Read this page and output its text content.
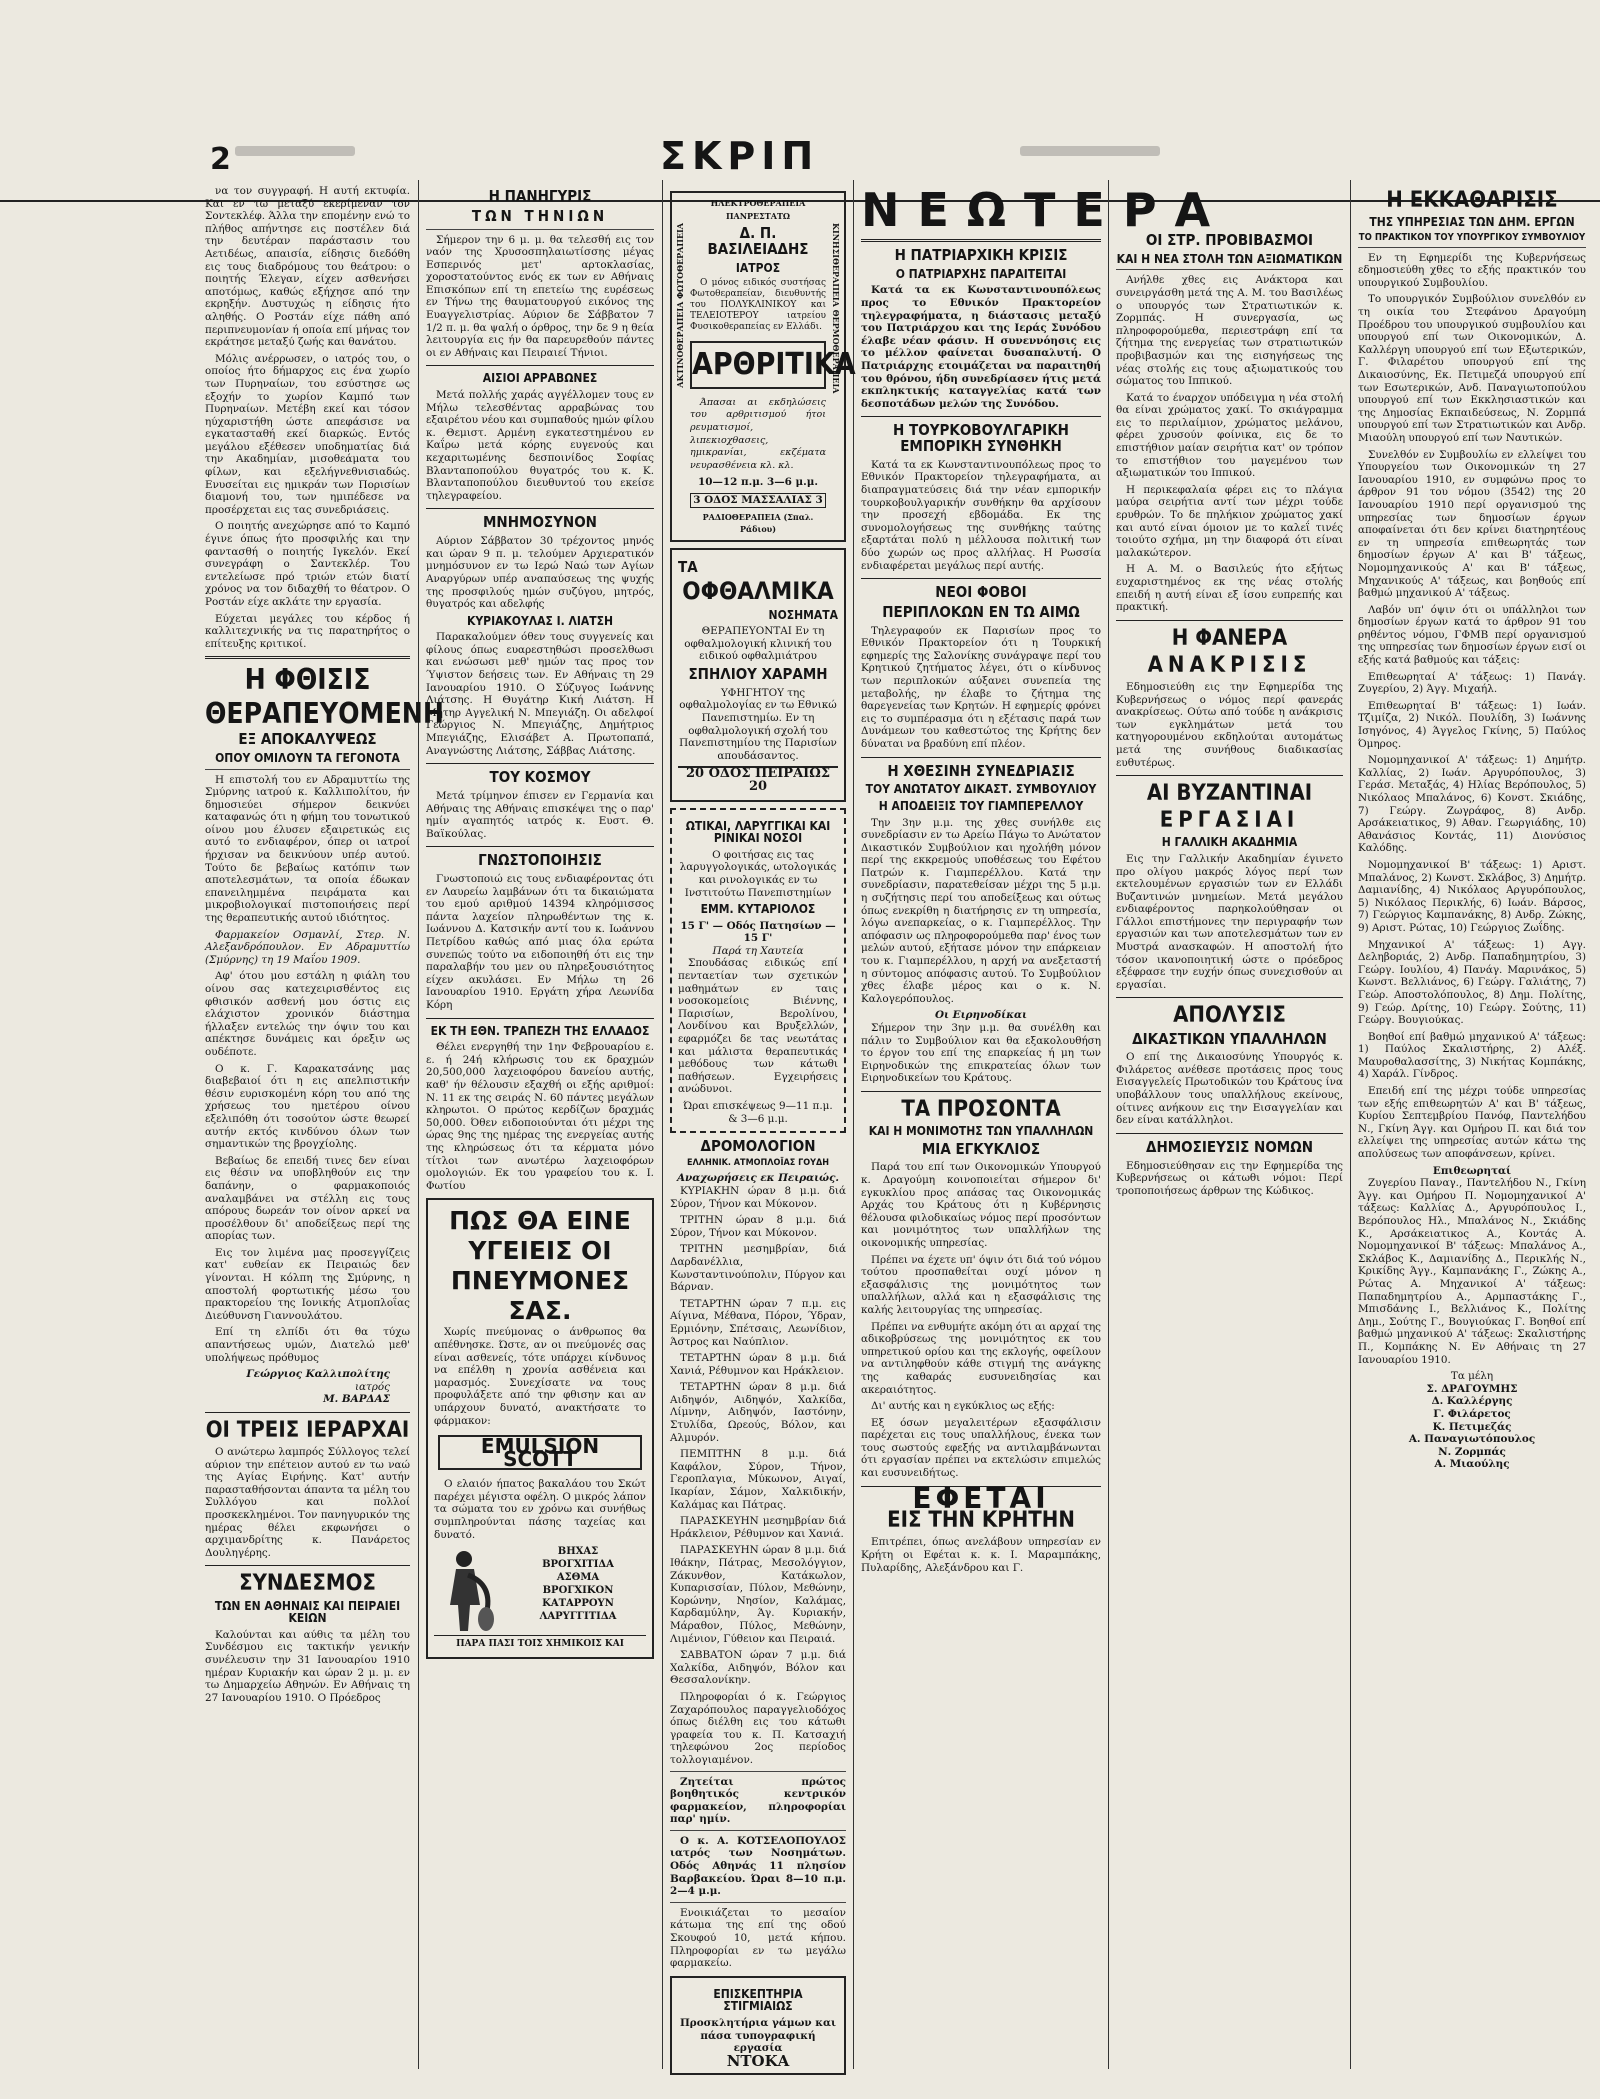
2	ΣΚΡΙΠ

να τον συγγραφή. Η αυτή εκτυφία. Και εν τω μεταξύ εκερίμεναν τον Σοντεκλέφ. Άλλα την επομένην ενώ το πλήθος απήντησε εις ποστέλεν διά την δευτέραν παράστασιν του Αετιδέως, απαισία, είδησις διεδόθη εις τους διαδρόμους του θεάτρου: ο ποιητής Έλεγαν, είχεν ασθενήσει αποτόμως, καθώς εξήχησε από την εκρηξήν. Δυστυχώς η είδησις ήτο αληθής. Ο Ροστάν είχε πάθη από περιπνευμονίαν ή οποία επί μήνας τον εκράτησε μεταξύ ζωής και θανάτου.

Μόλις ανέρρωσεν, ο ιατρός του, ο οποίος ήτο δήμαρχος εις ένα χωρίο των Πυρηναίων, του εσύστησε ως εξοχήν το χωρίον Καμπό των Πυρηναίων. Μετέβη εκεί και τόσον ηύχαριστήθη ώστε απεφάσισε να εγκατασταθή εκεί διαρκώς. Εντός μεγάλου εξέθεσεν υποδηματίας διά την Ακαδημίαν, μισοθεάματα του φίλων, και εξελήγνεθνισιαδώς. Ενυσείται εις ημικράν των Πορισίων διαμονή του, των ημιπέδεσε να προσέρχεται εις τας συνεδριάσεις.

Ο ποιητής ανεχώρησε από το Καμπό έγινε όπως ήτο προσφιλής και την φαντασθή ο ποιητής Ιγκελόν. Εκεί συνεγράφη ο Σαντεκλέρ. Του εντελείωσε πρό τριών ετών διατί χρόνος να τον διδαχθή το θέατρον. Ο Ροστάν είχε ακλάτε την εργασία.

Εύχεται μεγάλες του κέρδος ή καλλιτεχνικής να τις παρατηρήτος ο επίτευξης κριτικοί.

Η ΦΘΙΣΙΣ
ΘΕΡΑΠΕΥΟΜΕΝΗ
ΕΞ ΑΠΟΚΑΛΥΨΕΩΣ
ΟΠΟΥ ΟΜΙΛΟΥΝ ΤΑ ΓΕΓΟΝΟΤΑ

Η επιστολή του εν Αδραμυττίω της Σμύρνης ιατρού κ. Καλλιπολίτου, ήν δημοσιεύει σήμερον δεικνύει καταφανώς ότι η φήμη του τονωτικού οίνου μου έλυσεν εξαιρετικώς εις αυτό το ενδιαφέρον, όπερ οι ιατροί ήρχισαν να δεικνύουν υπέρ αυτού. Τούτο δε βεβαίως κατόπιν των αποτελεσμάτων, τα οποία έδωκαν επανειλημμένα πειράματα και μικροβιολογικαί πιστοποιήσεις περί της θεραπευτικής αυτού ιδιότητος.

Φαρμακείον Οσμανλί, Στερ. Ν. Αλεξανδρόπουλον. Εν Αδραμυττίω (Σμύρνης) τη 19 Μαΐου 1909.

Αφ' ότου μου εστάλη η φιάλη του οίνου σας κατεχειρισθέντος εις φθισικόν ασθενή μου όστις εις ελάχιστον χρονικόν διάστημα ήλλαξεν εντελώς την όψιν του και απέκτησε δυνάμεις και όρεξιν ως ουδέποτε.

Ο κ. Γ. Καρακατσάνης μας διαβεβαιοί ότι η εις απελπιστικήν θέσιν ευρισκομένη κόρη του από της χρήσεως του ημετέρου οίνου εξελιπόθη ότι τοσούτον ώστε θεωρεί αυτήν εκτός κινδύνου όλων των σημαντικών της βρογχίολης.

Βεβαίως δε επειδή τινες δεν είναι εις θέσιν να υποβληθούν εις την δαπάνην, ο φαρμακοποιός αναλαμβάνει να στέλλη εις τους απόρους δωρεάν τον οίνον αρκεί να προσέλθουν δι' αποδείξεως περί της απορίας των.

Εις τον λιμένα μας προσεγγίζεις κατ' ευθείαν εκ Πειραιώς δεν γίνονται. Η κόλπη της Σμύρνης, η αποστολή φορτωτικής μέσω του πρακτορείου της Ιονικής Ατμοπλοΐας Διεύθυνση Γιαννουλάτου.

Επί τη ελπίδι ότι θα τύχω απαντήσεως υμών, Διατελώ μεθ' υπολήψεως πρόθυμος

Γεώργιος Καλλιπολίτης
ιατρός
Μ. ΒΑΡΔΑΣ
ΟΙ ΤΡΕΙΣ ΙΕΡΑΡΧΑΙ

Ο ανώτερω λαμπρός Σύλλογος τελεί αύριον την επέτειον αυτού εν τω ναώ της Αγίας Ειρήνης. Κατ' αυτήν παρασταθήσονται άπαντα τα μέλη του Συλλόγου και πολλοί προσκεκλημένοι. Τον πανηγυρικόν της ημέρας θέλει εκφωνήσει ο αρχιμανδρίτης κ. Πανάρετος Δουληγέρης.

ΣΥΝΔΕΣΜΟΣ
ΤΩΝ ΕΝ ΑΘΗΝΑΙΣ ΚΑΙ ΠΕΙΡΑΙΕΙ ΚΕΙΩΝ

Καλούνται και αύθις τα μέλη του Συνδέσμου εις τακτικήν γενικήν συνέλευσιν την 31 Ιανουαρίου 1910 ημέραν Κυριακήν και ώραν 2 μ. μ. εν τω Δημαρχείω Αθηνών. Εν Αθήναις τη 27 Ιανουαρίου 1910. Ο Πρόεδρος

Η ΠΑΝΗΓΥΡΙΣ
ΤΩΝ ΤΗΝΙΩΝ

Σήμερον την 6 μ. μ. θα τελεσθή εις τον ναόν της Χρυσοσπηλαιωτίσσης μέγας Εσπερινός μετ' αρτοκλασίας, χοροστατούντος ενός εκ των εν Αθήναις Επισκόπων επί τη επετείω της ευρέσεως εν Τήνω της θαυματουργού εικόνος της Ευαγγελιστρίας. Αύριον δε Σάββατον 7 1/2 π. μ. θα ψαλή ο όρθρος, την δε 9 η θεία λειτουργία εις ήν θα παρευρεθούν πάντες οι εν Αθήναις και Πειραιεί Τήνιοι.

ΑΙΣΙΟΙ ΑΡΡΑΒΩΝΕΣ

Μετά πολλής χαράς αγγέλλομεν τους εν Μήλω τελεσθέντας αρραβώνας του εξαιρέτου νέου και συμπαθούς ημών φίλου κ. Θεμιστ. Αρμένη εγκατεστημένου εν Καΐρω μετά κόρης ευγενούς και κεχαριτωμένης δεσποινίδος Σοφίας Βλανταποπούλου θυγατρός του κ. Κ. Βλανταποπούλου διευθυντού του εκείσε τηλεγραφείου.

ΜΝΗΜΟΣΥΝΟΝ

Αύριον Σάββατον 30 τρέχοντος μηνός και ώραν 9 π. μ. τελούμεν Αρχιερατικόν μνημόσυνον εν τω Ιερώ Ναώ των Αγίων Αναργύρων υπέρ αναπαύσεως της ψυχής της προσφιλούς ημών συζύγου, μητρός, θυγατρός και αδελφής

ΚΥΡΙΑΚΟΥΛΑΣ Ι. ΛΙΑΤΣΗ

Παρακαλούμεν όθεν τους συγγενείς και φίλους όπως ευαρεστηθώσι προσελθωσι και ενώσωσι μεθ' ημών τας προς τον Ύψιστον δεήσεις των. Εν Αθήναις τη 29 Ιανουαρίου 1910. Ο Σύζυγος Ιωάννης Λιάτσης. Η Θυγάτηρ Κική Λιάτση. Η Μήτηρ Αγγελική Ν. Μπεγιάζη. Οι αδελφοί Γεώργιος Ν. Μπεγιάζης, Δημήτριος Μπεγιάζης, Ελισάβετ Α. Πρωτοπαπά, Αναγνώστης Λιάτσης, Σάββας Λιάτσης.

ΤΟΥ ΚΟΣΜΟΥ

Μετά τρίμηνον έπισεν εν Γερμανία και Αθήναις της Αθήναις επισκέψει της ο παρ' ημίν αγαπητός ιατρός κ. Ευστ. Θ. Βαϊκούλας.

ΓΝΩΣΤΟΠΟΙΗΣΙΣ

Γνωστοποιώ εις τους ενδιαφέροντας ότι εν Λαυρείω λαμβάνων ότι τα δικαιώματα του εμού αριθμού 14394 κληρόμισσος πάντα λαχείον πληρωθέντων της κ. Ιωάννου Δ. Κατσικήν αντί του κ. Ιωάννου Πετρίδου καθώς από μιας όλα ερώτα συνεπώς τούτο να ειδοποιηθή ότι εις την παραλαβήν του μεν ου πληρεξουσιότητος είχεν ακυλάσει. Εν Μήλω τη 26 Ιανουαρίου 1910. Εργάτη χήρα Λεωνίδα Κόρη

ΕΚ ΤΗ ΕΘΝ. ΤΡΑΠΕΖΗ ΤΗΣ ΕΛΛΑΔΟΣ

Θέλει ενεργηθή την 1ην Φεβρουαρίου ε. ε. ή 24ή κλήρωσις του εκ δραχμών 20,500,000 λαχειοφόρου δανείου αυτής, καθ' ήν θέλουσιν εξαχθή οι εξής αριθμοί: Ν. 11 εκ της σειράς Ν. 60 πάντες μεγάλων κληρωτοι. Ο πρώτος κερδίζων δραχμάς 50,000. Όθεν ειδοποιούνται ότι μέχρι της ώρας 9ης της ημέρας της ενεργείας αυτής της κληρώσεως ότι τα κέρματα μόνο τίτλοι των ανωτέρω λαχειοφόρων ομολογιών. Εκ του γραφείου του κ. Ι. Φωτίου

ΠΩΣ ΘΑ ΕΙΝΕ ΥΓΕΙΕΙΣ ΟΙ ΠΝΕΥΜΟΝΕΣ ΣΑΣ.

Χωρίς πνεύμονας ο άνθρωπος θα απέθνησκε. Ώστε, αν οι πνεύμονές σας είναι ασθενείς, τότε υπάρχει κίνδυνος να επέλθη η χρονία ασθένεια και μαρασμός. Συνεχίσατε να τους προφυλάξετε από την φθισην και αν υπάρχουν δυνατό, ανακτήσατε το φάρμακον:

EMULSION SCOTT

Ο ελαιόν ήπατος βακαλάου του Σκώτ παρέχει μέγιστα οφέλη. Ο μικρός λάπον τα σώματα του εν χρόνω και συνήθως συμπληρούνται πάσης ταχείας και δυνατό.

ΒΗΧΑΣ
ΒΡΟΓΧΙΤΙΔΑ
ΑΣΘΜΑ
ΒΡΟΓΧΙΚΟΝ ΚΑΤΑΡΡΟΥΝ
ΛΑΡΥΓΓΙΤΙΔΑ
ΠΑΡΑ ΠΑΣΙ ΤΟΙΣ ΧΗΜΙΚΟΙΣ ΚΑΙ
ΗΛΕΚΤΡΟΘΕΡΑΠΕΙΑ ΠΑΝΡΕΣΤΑΤΩ
ΑΚΤΙΝΟΘΕΡΑΠΕΙΑ ΦΩΤΟΘΕΡΑΠΕΙΑ	ΚΙΝΗΣΙΘΕΡΑΠΕΙΑ ΘΕΡΜΟΘΕΡΑΠΕΙΑ
Δ. Π. ΒΑΣΙΛΕΙΑΔΗΣ
ΙΑΤΡΟΣ

Ο μόνος ειδικός συστήσας Φωτοθεραπείαν, διευθυντής του ΠΟΛΥΚΛΙΝΙΚΟΥ και ΤΕΛΕΙΟΤΕΡΟΥ ιατρείου Φυσικοθεραπείας εν Ελλάδι.

ΑΡΘΡΙΤΙΚΑ

Άπασαι αι εκδηλώσεις του αρθριτισμού ήτοι ρευματισμοί, λιπεκιοχθασεις, ημικρανίαι, εκζέματα νευρασθένεια κλ. κλ.

10—12 π.μ. 3—6 μ.μ.
3 ΟΔΟΣ ΜΑΣΣΑΛΙΑΣ 3
ΡΑΔΙΟΘΕΡΑΠΕΙΑ (Σπαλ. Ράδιου)
ΤΑ
ΟΦΘΑΛΜΙΚΑ
ΝΟΣΗΜΑΤΑ

ΘΕΡΑΠΕΥΟΝΤΑΙ Εν τη οφθαλμολογική κλινική του ειδικού οφθαλμιάτρου

ΣΠΗΛΙΟΥ ΧΑΡΑΜΗ

ΥΦΗΓΗΤΟΥ της οφθαλμολογίας εν τω Εθνικώ Πανεπιστημίω. Εν τη οφθαλμολογική σχολή του Πανεπιστημίου της Παρισίων απουδάσαντος.

20 ΟΔΟΣ ΠΕΙΡΑΙΩΣ 20
ΩΤΙΚΑΙ, ΛΑΡΥΓΓΙΚΑΙ ΚΑΙ ΡΙΝΙΚΑΙ ΝΟΣΟΙ

Ο φοιτήσας εις τας λαρυγγολογικάς, ωτολογικάς και ρινολογικάς εν τω Ινστιτούτω Πανεπιστημίων

ΕΜΜ. ΚΥΤΑΡΙΟΛΟΣ
15 Γ' — Οδός Πατησίων — 15 Γ'
Παρά τη Χαυτεία

Σπουδάσας ειδικώς επί πενταετίαν των σχετικών μαθημάτων εν ταις νοσοκομείοις Βιέννης, Παρισίων, Βερολίνου, Λονδίνου και Βρυξελλών, εφαρμόζει δε τας νεωτάτας και μάλιστα θεραπευτικάς μεθόδους των κάτωθι παθήσεων. Εγχειρήσεις ανώδυνοι.

Ώραι επισκέψεως 9—11 π.μ. & 3—6 μ.μ.
ΔΡΟΜΟΛΟΓΙΟΝ
ΕΛΛΗΝΙΚ. ΑΤΜΟΠΛΟΪΑΣ ΓΟΥΔΗ
Αναχωρήσεις εκ Πειραιώς.

ΚΥΡΙΑΚΗΝ ώραν 8 μ.μ. διά Σύρον, Τήνον και Μύκονον.

ΤΡΙΤΗΝ ώραν 8 μ.μ. διά Σύρον, Τήνον και Μύκονον.

ΤΡΙΤΗΝ μεσημβρίαν, διά Δαρδανέλλια, Κωνσταντινούπολιν, Πύργον και Βάρναν.

ΤΕΤΑΡΤΗΝ ώραν 7 π.μ. εις Αίγινα, Μέθανα, Πόρον, Ύδραν, Ερμιόνην, Σπέτσαις, Λεωνίδιον, Άστρος και Ναύπλιον.

ΤΕΤΑΡΤΗΝ ώραν 8 μ.μ. διά Χανιά, Ρέθυμνον και Ηράκλειον.

ΤΕΤΑΡΤΗΝ ώραν 8 μ.μ. διά Αιδηψόν, Αιδηψόν, Χαλκίδα, Λίμνην, Αιδηψόν, Ιαστόνην, Στυλίδα, Ωρεούς, Βόλον, και Αλμυρόν.

ΠΕΜΠΤΗΝ 8 μ.μ. διά Καφάλον, Σύρον, Τήνον, Γεροπλαγια, Μύκωνον, Αιγαί, Ικαρίαν, Σάμον, Χαλκιδικήν, Καλάμας και Πάτρας.

ΠΑΡΑΣΚΕΥΗΝ μεσημβρίαν διά Ηράκλειον, Ρέθυμνον και Χανιά.

ΠΑΡΑΣΚΕΥΗΝ ώραν 8 μ.μ. διά Ιθάκην, Πάτρας, Μεσολόγγιον, Ζάκυνθον, Κατάκωλον, Κυπαρισσίαν, Πύλον, Μεθώνην, Κορώνην, Νησίον, Καλάμας, Καρδαμύλην, Άγ. Κυριακήν, Μάραθον, Πύλος, Μεθώνην, Λιμένιον, Γύθειον και Πειραιά.

ΣΑΒΒΑΤΟΝ ώραν 7 μ.μ. διά Χαλκίδα, Αιδηψόν, Βόλον και Θεσσαλονίκην.

Πληροφορίαι ό κ. Γεώργιος Ζαχαρόπουλος παραγγελιοδόχος όπως διέλθη εις του κάτωθι γραφεία του κ. Π. Κατσαχιή τηλεφώνου 2ος περίοδος τολλογιαμένον.

Ζητείται πρώτος βοηθητικός κεντρικόν φαρμακείον, πληροφορίαι παρ' ημίν.

Ο κ. Α. ΚΟΤΣΕΛΟΠΟΥΛΟΣ ιατρός των Νοσημάτων. Οδός Αθηνάς 11 πλησίον Βαρβακείου. Ώραι 8—10 π.μ. 2—4 μ.μ.

Ενοικιάζεται το μεσαίον κάτωμα της επί της οδού Σκουφού 10, μετά κήπου. Πληροφορίαι εν τω μεγάλω φαρμακείω.

ΕΠΙΣΚΕΠΤΗΡΙΑ ΣΤΙΓΜΙΑΙΩΣ
Προσκλητήρια γάμων και πάσα τυπογραφική εργασία
ΝΤΟΚΑ
ΝΕΩΤΕΡΑ
Η ΠΑΤΡΙΑΡΧΙΚΗ ΚΡΙΣΙΣ
Ο ΠΑΤΡΙΑΡΧΗΣ ΠΑΡΑΙΤΕΙΤΑΙ

Κατά τα εκ Κωνσταντινουπόλεως προς το Εθνικόν Πρακτορείον τηλεγραφήματα, η διάστασις μεταξύ του Πατριάρχου και της Ιεράς Συνόδου έλαβε νέαν φάσιν. Η συνεννόησις εις το μέλλον φαίνεται δυσαπαλυτή. Ο Πατριάρχης ετοιμάζεται να παραιτηθή του θρόνου, ήδη συνεδρίασεν ήτις μετά εκπληκτικής καταγγελίας κατά των δεσποτάδων μελών της Συνόδου.

Η ΤΟΥΡΚΟΒΟΥΛΓΑΡΙΚΗ ΕΜΠΟΡΙΚΗ ΣΥΝΘΗΚΗ

Κατά τα εκ Κωνσταντινουπόλεως προς το Εθνικόν Πρακτορείον τηλεγραφήματα, αι διαπραγματεύσεις διά την νέαν εμπορικήν τουρκοβουλγαρικήν συνθήκην θα αρχίσουν την προσεχή εβδομάδα. Εκ της συνομολογήσεως της συνθήκης ταύτης εξαρτάται πολύ η μέλλουσα πολιτική των δύο χωρών ως προς αλλήλας. Η Ρωσσία ενδιαφέρεται μεγάλως περί αυτής.

ΝΕΟΙ ΦΟΒΟΙ
ΠΕΡΙΠΛΟΚΩΝ ΕΝ ΤΩ ΑΙΜΩ

Τηλεγραφούν εκ Παρισίων προς το Εθνικόν Πρακτορείον ότι η Τουρκική εφημερίς της Σαλονίκης συνάγραψε περί του Κρητικού ζητήματος λέγει, ότι ο κίνδυνος των περιπλοκών αύξανει συνεπεία της μεταβολής, ην έλαβε το ζήτημα της θαρεγενείας των Κρητών. Η εφημερίς φρόνει εις το συμπέρασμα ότι η εξέτασις παρά των Δυνάμεων του καθεστώτος της Κρήτης δεν δύναται να βραδύνη επί πλέον.

Η ΧΘΕΣΙΝΗ ΣΥΝΕΔΡΙΑΣΙΣ
ΤΟΥ ΑΝΩΤΑΤΟΥ ΔΙΚΑΣΤ. ΣΥΜΒΟΥΛΙΟΥ
Η ΑΠΟΔΕΙΞΙΣ ΤΟΥ ΓΙΑΜΠΕΡΕΛΛΟΥ

Την 3ην μ.μ. της χθες συνήλθε εις συνεδρίασιν εν τω Αρείω Πάγω το Ανώτατον Δικαστικόν Συμβούλιον και ηχολήθη μόνον περί της εκκρεμούς υποθέσεως του Εφέτου Πατρών κ. Γιαμπερέλλου. Κατά την συνεδρίασιν, παρατεθείσαν μέχρι της 5 μ.μ. η συζήτησις περί του αποδείξεως και ούτως όπως ενεκρίθη η διατήρησις εν τη υπηρεσία, λόγω ανεπαρκείας, ο κ. Γιαμπερέλλος. Την απόφασιν ως πληροφορούμεθα παρ' ένος των μελών αυτού, εξήτασε μόνον την επάρκειαν του κ. Γιαμπερέλλου, η αρχή να ανεξεταστή η σύντομος απόφασις αυτού. Το Συμβούλιον χθες έλαβε μέρος και ο κ. Ν. Καλογερόπουλος.

Οι Ειρηνοδίκαι

Σήμερον την 3ην μ.μ. θα συνέλθη και πάλιν το Συμβούλιον και θα εξακολουθήση το έργον του επί της επαρκείας ή μη των Ειρηνοδικών της επικρατείας όλων των Ειρηνοδικείων του Κράτους.

ΤΑ ΠΡΟΣΟΝΤΑ
ΚΑΙ Η ΜΟΝΙΜΟΤΗΣ ΤΩΝ ΥΠΑΛΛΗΛΩΝ
ΜΙΑ ΕΓΚΥΚΛΙΟΣ

Παρά του επί των Οικονομικών Υπουργού κ. Δραγούμη κοινοποιείται σήμερον δι' εγκυκλίου προς απάσας τας Οικονομικάς Αρχάς του Κράτους ότι η Κυβέρνησις θέλουσα φιλοδικαίως νόμος περί προσόντων και μονιμότητος των υπαλλήλων της οικονομικής υπηρεσίας.

Πρέπει να έχετε υπ' όψιν ότι διά τού νόμου τούτου προσπαθείται ουχί μόνον η εξασφάλισις της μονιμότητος των υπαλλήλων, αλλά και η εξασφάλισις της καλής λειτουργίας της υπηρεσίας.

Πρέπει να ενθυμήτε ακόμη ότι αι αρχαί της αδικοβρύσεως της μονιμότητος εκ του υπηρετικού ορίου και της εκλογής, οφείλουν να αντιληφθούν κάθε στιγμή της ανάγκης της καθαράς ευσυνειδησίας και ακεραιότητος.

Δι' αυτής και η εγκύκλιος ως εξής:

Εξ όσων μεγαλειτέρων εξασφάλισιν παρέχεται εις τους υπαλλήλους, ένεκα των τους σωστούς εφεξής να αντιλαμβάνωνται ότι εργασίαν πρέπει να εκτελώσιν επιμελώς και ευσυνειδήτως.

ΕΦΕΤΑΙ
ΕΙΣ ΤΗΝ ΚΡΗΤΗΝ

Επιτρέπει, όπως ανελάβουν υπηρεσίαν εν Κρήτη οι Εφέται κ. κ. Ι. Μαραμπάκης, Πυλαρίδης, Αλεξάνδρου και Γ.

ΟΙ ΣΤΡ. ΠΡΟΒΙΒΑΣΜΟΙ
ΚΑΙ Η ΝΕΑ ΣΤΟΛΗ ΤΩΝ ΑΞΙΩΜΑΤΙΚΩΝ

Ανήλθε χθες εις Ανάκτορα και συνειργάσθη μετά της Α. Μ. του Βασιλέως ο υπουργός των Στρατιωτικών κ. Ζορμπάς. Η συνεργασία, ως πληροφορούμεθα, περιεστράφη επί τα ζήτημα της ενεργείας των στρατιωτικών προβιβασμών και της εισηγήσεως της νέας στολής εις τους αξιωματικούς του σώματος του Ιππικού.

Κατά το έναρχον υπόδειγμα η νέα στολή θα είναι χρώματος χακί. Το σκιάγραμμα εις το περιλαίμιον, χρώματος μελάνου, φέρει χρυσούν φοίνικα, εις δε το επιστήθιον μαίαν σειρήτια κατ' ον τρόπον το επιστήθιον του μαγεμένου των αξιωματικών του Ιππικού.

Η περικεφαλαία φέρει εις το πλάγια μαύρα σειρήτια αντί των μέχρι τούδε ερυθρών. Το δε πηλήκιον χρώματος χακί και αυτό είναι όμοιον με το καλεΐ τινές τοιούτο σχήμα, μη την διαφορά ότι είναι μαλακώτερον.

Η Α. Μ. ο Βασιλεύς ήτο εξήτως ευχαριστημένος εκ της νέας στολής επειδή η αυτή είναι εξ ίσου ευπρεπής και πρακτική.

Η ΦΑΝΕΡΑ
ΑΝΑΚΡΙΣΙΣ

Εδημοσιεύθη εις την Εφημερίδα της Κυβερνήσεως ο νόμος περί φανεράς ανακρίσεως. Ούτω από τούδε η ανάκρισις των εγκλημάτων μετά του κατηγορουμένου εκδηλούται αυτομάτως μετά της συνήθους διαδικασίας ευθυτέρως.

ΑΙ ΒΥΖΑΝΤΙΝΑΙ
ΕΡΓΑΣΙΑΙ
Η ΓΑΛΛΙΚΗ ΑΚΑΔΗΜΙΑ

Εις την Γαλλικήν Ακαδημίαν έγινετο προ ολίγου μακρός λόγος περί των εκτελουμένων εργασιών των εν Ελλάδι Βυζαντινών μνημείων. Μετά μεγάλου ενδιαφέροντος παρηκολούθησαν οι Γάλλοι επιστήμονες την περιγραφήν των εργασιών και των αποτελεσμάτων των εν Μυστρά ανασκαφών. Η αποστολή ήτο τόσον ικανοποιητική ώστε ο πρόεδρος εξέφρασε την ευχήν όπως συνεχισθούν αι εργασίαι.

ΑΠΟΛΥΣΙΣ
ΔΙΚΑΣΤΙΚΩΝ ΥΠΑΛΛΗΛΩΝ

Ο επί της Δικαιοσύνης Υπουργός κ. Φιλάρετος ανέθεσε προτάσεις προς τους Εισαγγελείς Πρωτοδικών του Κράτους ίνα υποβάλλουν τους υπαλλήλους εκείνους, οίτινες ανήκουν εις την Εισαγγελίαν και δεν είναι κατάλληλοι.

ΔΗΜΟΣΙΕΥΣΙΣ ΝΟΜΩΝ

Εδημοσιεύθησαν εις την Εφημερίδα της Κυβερνήσεως οι κάτωθι νόμοι: Περί τροποποιήσεως άρθρων της Κώδικος.

Η ΕΚΚΑΘΑΡΙΣΙΣ
ΤΗΣ ΥΠΗΡΕΣΙΑΣ ΤΩΝ ΔΗΜ. ΕΡΓΩΝ
ΤΟ ΠΡΑΚΤΙΚΟΝ ΤΟΥ ΥΠΟΥΡΓΙΚΟΥ ΣΥΜΒΟΥΛΙΟΥ

Εν τη Εφημερίδι της Κυβερνήσεως εδημοσιεύθη χθες το εξής πρακτικόν του υπουργικού Συμβουλίου.

Το υπουργικόν Συμβούλιον συνελθόν εν τη οικία του Στεφάνου Δραγούμη Προέδρου του υπουργικού συμβουλίου και υπουργού επί των Οικονομικών, Δ. Καλλέργη υπουργού επί των Εξωτερικών, Γ. Φιλαρέτου υπουργού επί της Δικαιοσύνης, Εκ. Πετιμεζά υπουργού επί των Εσωτερικών, Ανδ. Παναγιωτοπούλου υπουργού επί των Εκκλησιαστικών και της Δημοσίας Εκπαιδεύσεως, Ν. Ζορμπά υπουργού επί των Στρατιωτικών και Ανδρ. Μιαούλη υπουργού επί των Ναυτικών.

Συνελθόν εν Συμβουλίω εν ελλείψει του Υπουργείου των Οικονομικών τη 27 Ιανουαρίου 1910, εν συμφώνω προς το άρθρον 91 του νόμου (3542) της 20 Ιανουαρίου 1910 περί οργανισμού της υπηρεσίας των δημοσίων έργων αποφαίνεται ότι δεν κρίνει διατηρητέους εν τη υπηρεσία επιθεωρητάς των δημοσίων έργων Α' και Β' τάξεως, Νομομηχανικούς Α' και Β' τάξεως, Μηχανικούς Α' τάξεως, και βοηθούς επί βαθμώ μηχανικού Α' τάξεως.

Λαβόν υπ' όψιν ότι οι υπάλληλοι των δημοσίων έργων κατά το άρθρον 91 του ρηθέντος νόμου, ΓΦΜΒ περί οργανισμού της υπηρεσίας των δημοσίων έργων εισί οι εξής κατά βαθμούς και τάξεις:

Επιθεωρηταί Α' τάξεως: 1) Πανάγ. Ζυγερίου, 2) Άγγ. Μιχαήλ.

Επιθεωρηταί Β' τάξεως: 1) Ιωάν. Τζιμίζα, 2) Νικόλ. Πουλίδη, 3) Ιωάννης Ισηγόνος, 4) Άγγελος Γκίνης, 5) Παύλος Όμηρος.

Νομομηχανικοί Α' τάξεως: 1) Δημήτρ. Καλλίας, 2) Ιωάν. Αργυρόπουλος, 3) Γεράσ. Μεταξάς, 4) Ηλίας Βερόπουλος, 5) Νικόλαος Μπαλάνος, 6) Κονστ. Σκιάδης, 7) Γεώργ. Ζωγράφος, 8) Ανδρ. Αρσάκειατικος, 9) Αθαν. Γεωργιάδης, 10) Αθανάσιος Κοντάς, 11) Διονύσιος Καλόδης.

Νομομηχανικοί Β' τάξεως: 1) Αριστ. Μπαλάνος, 2) Κωνστ. Σκλάβος, 3) Δημήτρ. Δαμιανίδης, 4) Νικόλαος Αργυρόπουλος, 5) Νικόλαος Περικλής, 6) Ιωάν. Βάρσος, 7) Γεώργιος Καμπανάκης, 8) Ανδρ. Ζώκης, 9) Αριστ. Ρώτας, 10) Γεώργιος Ζωΐδης.

Μηχανικοί Α' τάξεως: 1) Αγγ. Δεληβοριάς, 2) Ανδρ. Παπαδημητρίου, 3) Γεώργ. Ιουλίου, 4) Πανάγ. Μαρινάκος, 5) Κωνστ. Βελλιάνος, 6) Γεώργ. Γαλιάτης, 7) Γεώρ. Αποστολόπουλος, 8) Δημ. Πολίτης, 9) Γεώρ. Δρίτης, 10) Γεώργ. Σούτης, 11) Γεώργ. Βουγιούκας.

Βοηθοί επί βαθμώ μηχανικού Α' τάξεως: 1) Παύλος Σκαλιστήρης, 2) Αλέξ. Μαυροθαλασσίτης, 3) Νικήτας Κομπάκης, 4) Χαράλ. Γίνδρος.

Επειδή επί της μέχρι τούδε υπηρεσίας των εξής επιθεωρητών Α' και Β' τάξεως, Κυρίου Σεπτεμβρίου Πανόφ, Παντελήδου Ν., Γκίνη Άγγ. και Ομήρου Π. και διά τον ελλείψει της υπηρεσίας αυτών κάτω της απολύσεως των αποφάνσεων, κρίνει.

Επιθεωρηταί

Ζυγερίου Παναγ., Παντελήδου Ν., Γκίνη Άγγ. και Ομήρου Π. Νομομηχανικοί Α' τάξεως: Καλλίας Δ., Αργυρόπουλος Ι., Βερόπουλος Ηλ., Μπαλάνος Ν., Σκιάδης Κ., Αρσάκειατικος Α., Κοντάς Α. Νομομηχανικοί Β' τάξεως: Μπαλάνος Α., Σκλάβος Κ., Δαμιανίδης Δ., Περικλής Ν., Κρικίδης Άγγ., Καμπανάκης Γ., Ζώκης Α., Ρώτας Α. Μηχανικοί Α' τάξεως: Παπαδημητρίου Α., Αρμπαστάκης Γ., Μπισδάνης Ι., Βελλιάνος Κ., Πολίτης Δημ., Σούτης Γ., Βουγιούκας Γ. Βοηθοί επί βαθμώ μηχανικού Α' τάξεως: Σκαλιστήρης Π., Κομπάκης Ν. Εν Αθήναις τη 27 Ιανουαρίου 1910.

Τα μέλη
Σ. ΔΡΑΓΟΥΜΗΣ
Δ. Καλλέργης
Γ. Φιλάρετος
Κ. Πετιμεζάς
Α. Παναγιωτόπουλος
Ν. Ζορμπάς
Α. Μιαούλης
